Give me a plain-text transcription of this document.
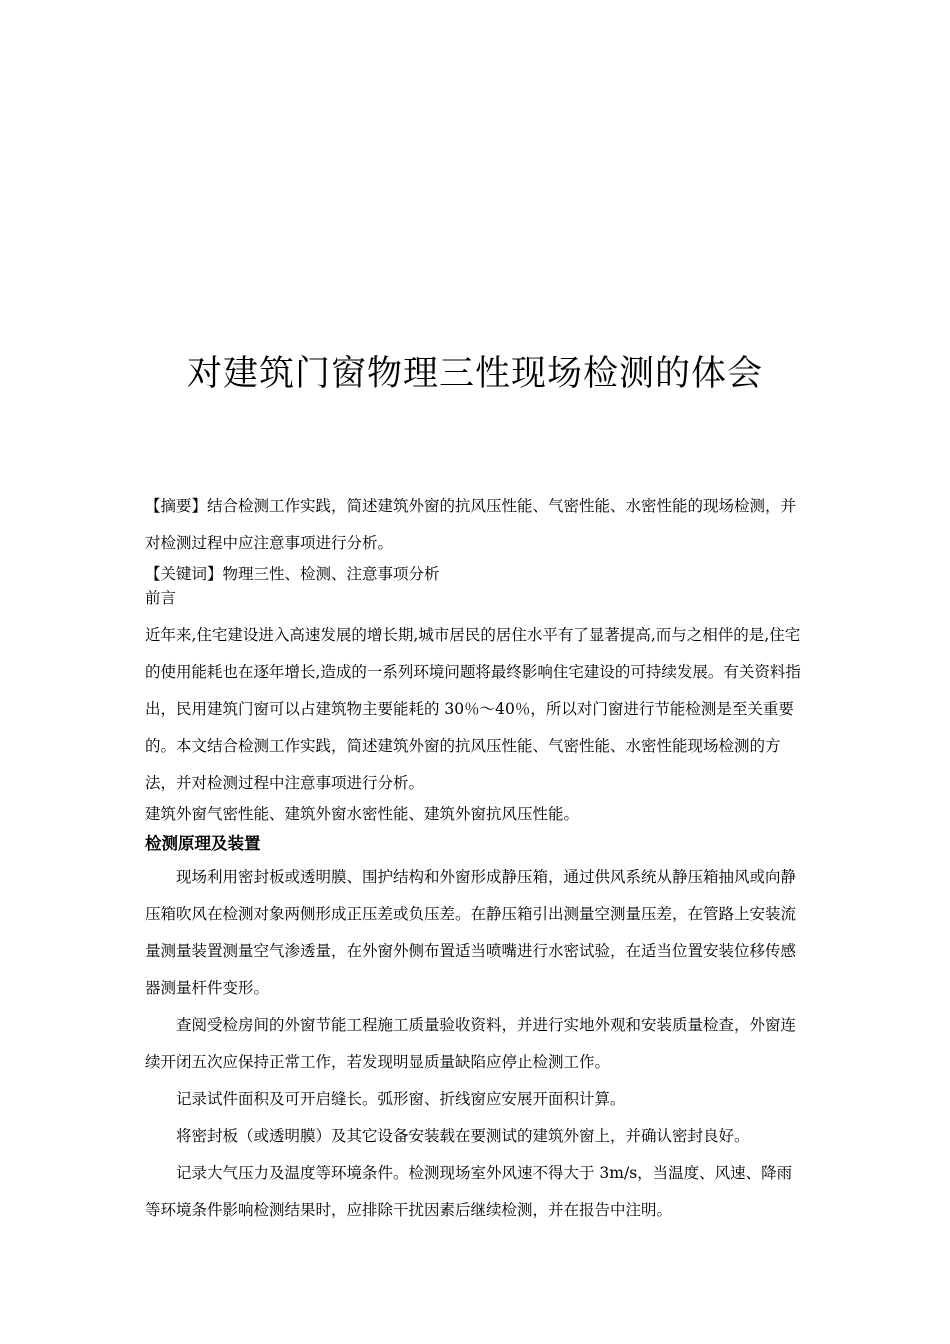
对建筑门窗物理三性现场检测的体会

【摘要】结合检测工作实践，简述建筑外窗的抗风压性能、气密性能、水密性能的现场检测，并对检测过程中应注意事项进行分析。

【关键词】物理三性、检测、注意事项分析

前言

近年来,住宅建设进入高速发展的增长期,城市居民的居住水平有了显著提高,而与之相伴的是,住宅的使用能耗也在逐年增长,造成的一系列环境问题将最终影响住宅建设的可持续发展。有关资料指出，民用建筑门窗可以占建筑物主要能耗的 30％～40％，所以对门窗进行节能检测是至关重要的。本文结合检测工作实践，简述建筑外窗的抗风压性能、气密性能、水密性能现场检测的方法，并对检测过程中注意事项进行分析。

建筑外窗气密性能、建筑外窗水密性能、建筑外窗抗风压性能。

检测原理及装置

现场利用密封板或透明膜、围护结构和外窗形成静压箱，通过供风系统从静压箱抽风或向静压箱吹风在检测对象两侧形成正压差或负压差。在静压箱引出测量空测量压差，在管路上安装流量测量装置测量空气渗透量，在外窗外侧布置适当喷嘴进行水密试验，在适当位置安装位移传感器测量杆件变形。

查阅受检房间的外窗节能工程施工质量验收资料，并进行实地外观和安装质量检查，外窗连续开闭五次应保持正常工作，若发现明显质量缺陷应停止检测工作。

记录试件面积及可开启缝长。弧形窗、折线窗应安展开面积计算。

将密封板（或透明膜）及其它设备安装载在要测试的建筑外窗上，并确认密封良好。

记录大气压力及温度等环境条件。检测现场室外风速不得大于 3m/s，当温度、风速、降雨等环境条件影响检测结果时，应排除干扰因素后继续检测，并在报告中注明。
